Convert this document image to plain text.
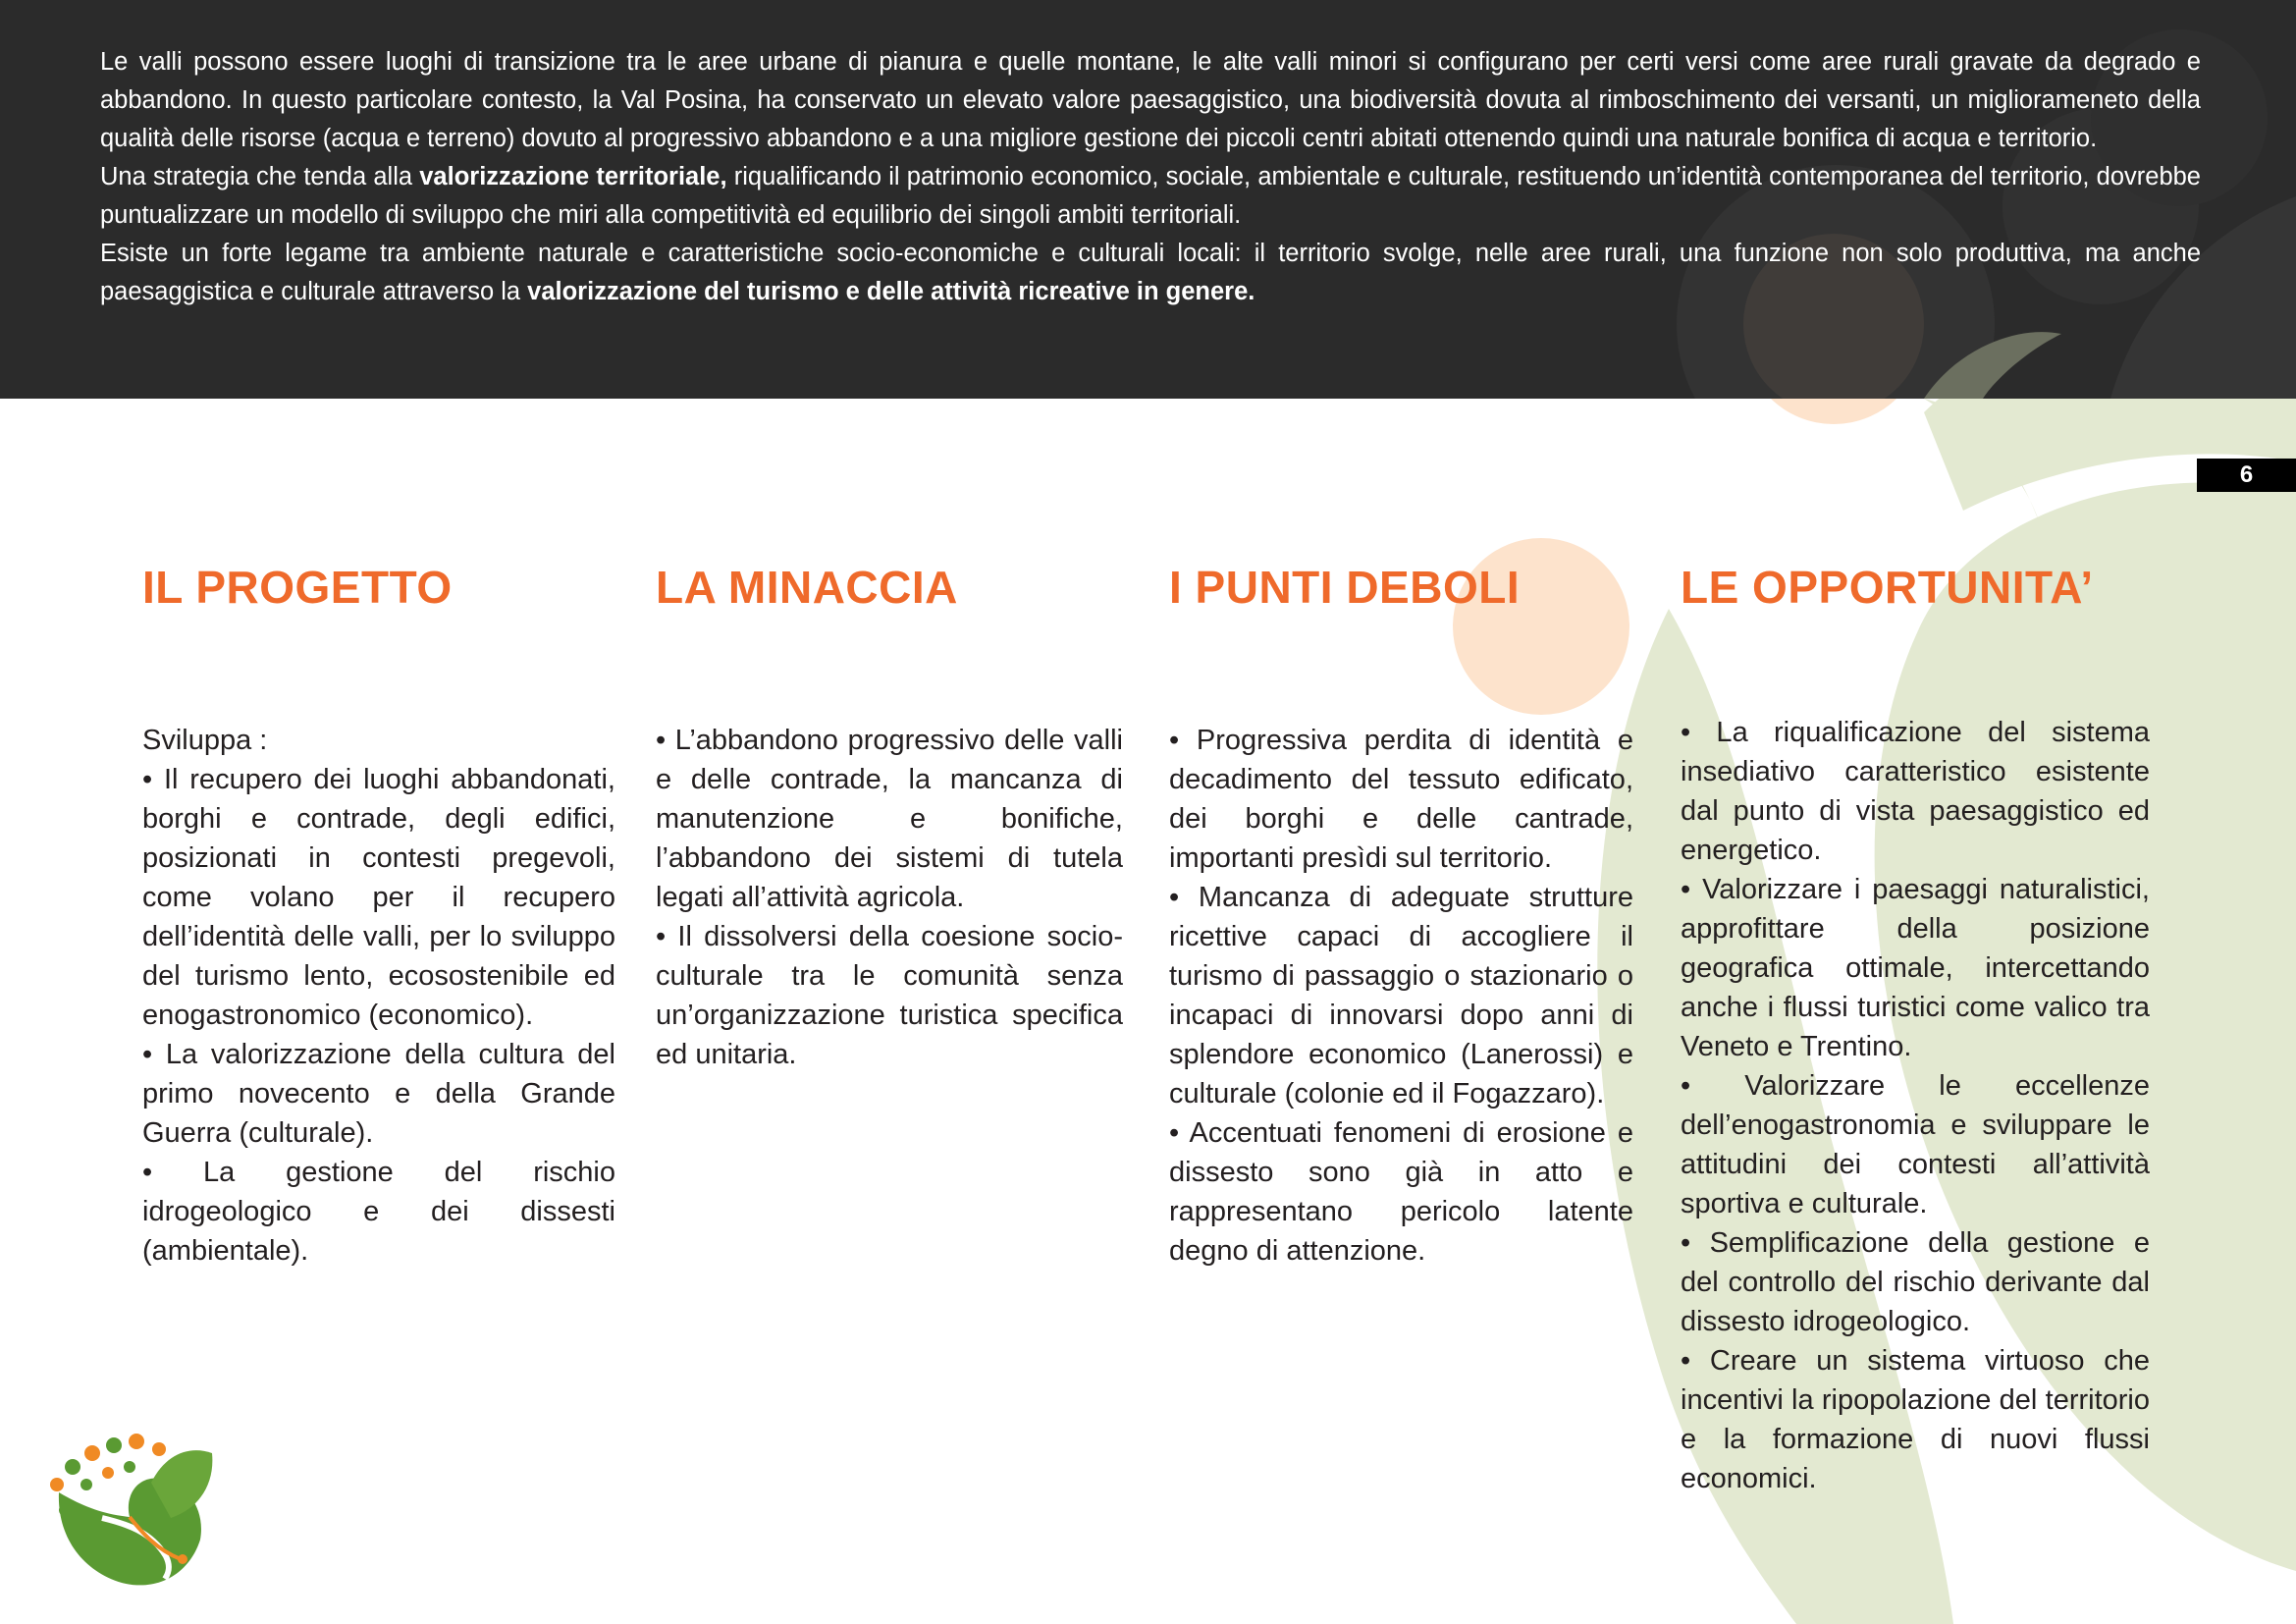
Le valli possono essere luoghi di transizione tra le aree urbane di pianura e quelle montane, le alte valli minori si configurano per certi versi come aree rurali gravate da degrado e abbandono. In questo particolare contesto, la Val Posina, ha conservato un elevato valore paesaggistico, una biodiversità dovuta al rimboschimento dei versanti, un migliorameneto della qualità delle risorse (acqua e terreno) dovuto al progressivo abbandono e a una migliore gestione dei piccoli centri abitati ottenendo quindi una naturale bonifica di acqua e territorio.

Una strategia che tenda alla valorizzazione territoriale, riqualificando il patrimonio economico, sociale, ambientale e culturale, restituendo un’identità contemporanea del territorio, dovrebbe puntualizzare un modello di sviluppo che miri alla competitività ed equilibrio dei singoli ambiti territoriali.

Esiste un forte legame tra ambiente naturale e caratteristiche socio-economiche e culturali locali: il territorio svolge, nelle aree rurali, una funzione non solo produttiva, ma anche paesaggistica e culturale attraverso la valorizzazione del turismo e delle attività ricreative in genere.

6
IL PROGETTO
Sviluppa :
• Il recupero dei luoghi abbandonati, borghi e contrade, degli edifici, posizionati in contesti pregevoli, come volano per il recupero dell’identità delle valli, per lo sviluppo del turismo lento, ecosostenibile ed enogastronomico (economico).
• La valorizzazione della cultura del primo novecento e della Grande Guerra (culturale).
• La gestione del rischio idrogeologico e dei dissesti (ambientale).
LA MINACCIA
• L’abbandono progressivo delle valli e delle contrade, la mancanza di manutenzione e bonifiche, l’abbandono dei sistemi di tutela legati all’attività agricola.
• Il dissolversi della coesione socio-culturale tra le comunità senza un’organizzazione turistica specifica ed unitaria.
I PUNTI DEBOLI
• Progressiva perdita di identità e decadimento del tessuto edificato, dei borghi e delle cantrade, importanti presìdi sul territorio.
• Mancanza di adeguate strutture ricettive capaci di accogliere il turismo di passaggio o stazionario o incapaci di innovarsi dopo anni di splendore economico (Lanerossi) e culturale (colonie ed il Fogazzaro).
• Accentuati fenomeni di erosione e dissesto sono già in atto e rappresentano pericolo latente degno di attenzione.
LE OPPORTUNITA’
• La riqualificazione del sistema insediativo caratteristico esistente dal punto di vista paesaggistico ed energetico.
• Valorizzare i paesaggi naturalistici, approfittare della posizione geografica ottimale, intercettando anche i flussi turistici come valico tra Veneto e Trentino.
• Valorizzare le eccellenze dell’enogastronomia e sviluppare le attitudini dei contesti all’attività sportiva e culturale.
• Semplificazione della gestione e del controllo del rischio derivante dal dissesto idrogeologico.
• Creare un sistema virtuoso che incentivi la ripopolazione del territorio e la formazione di nuovi flussi economici.
